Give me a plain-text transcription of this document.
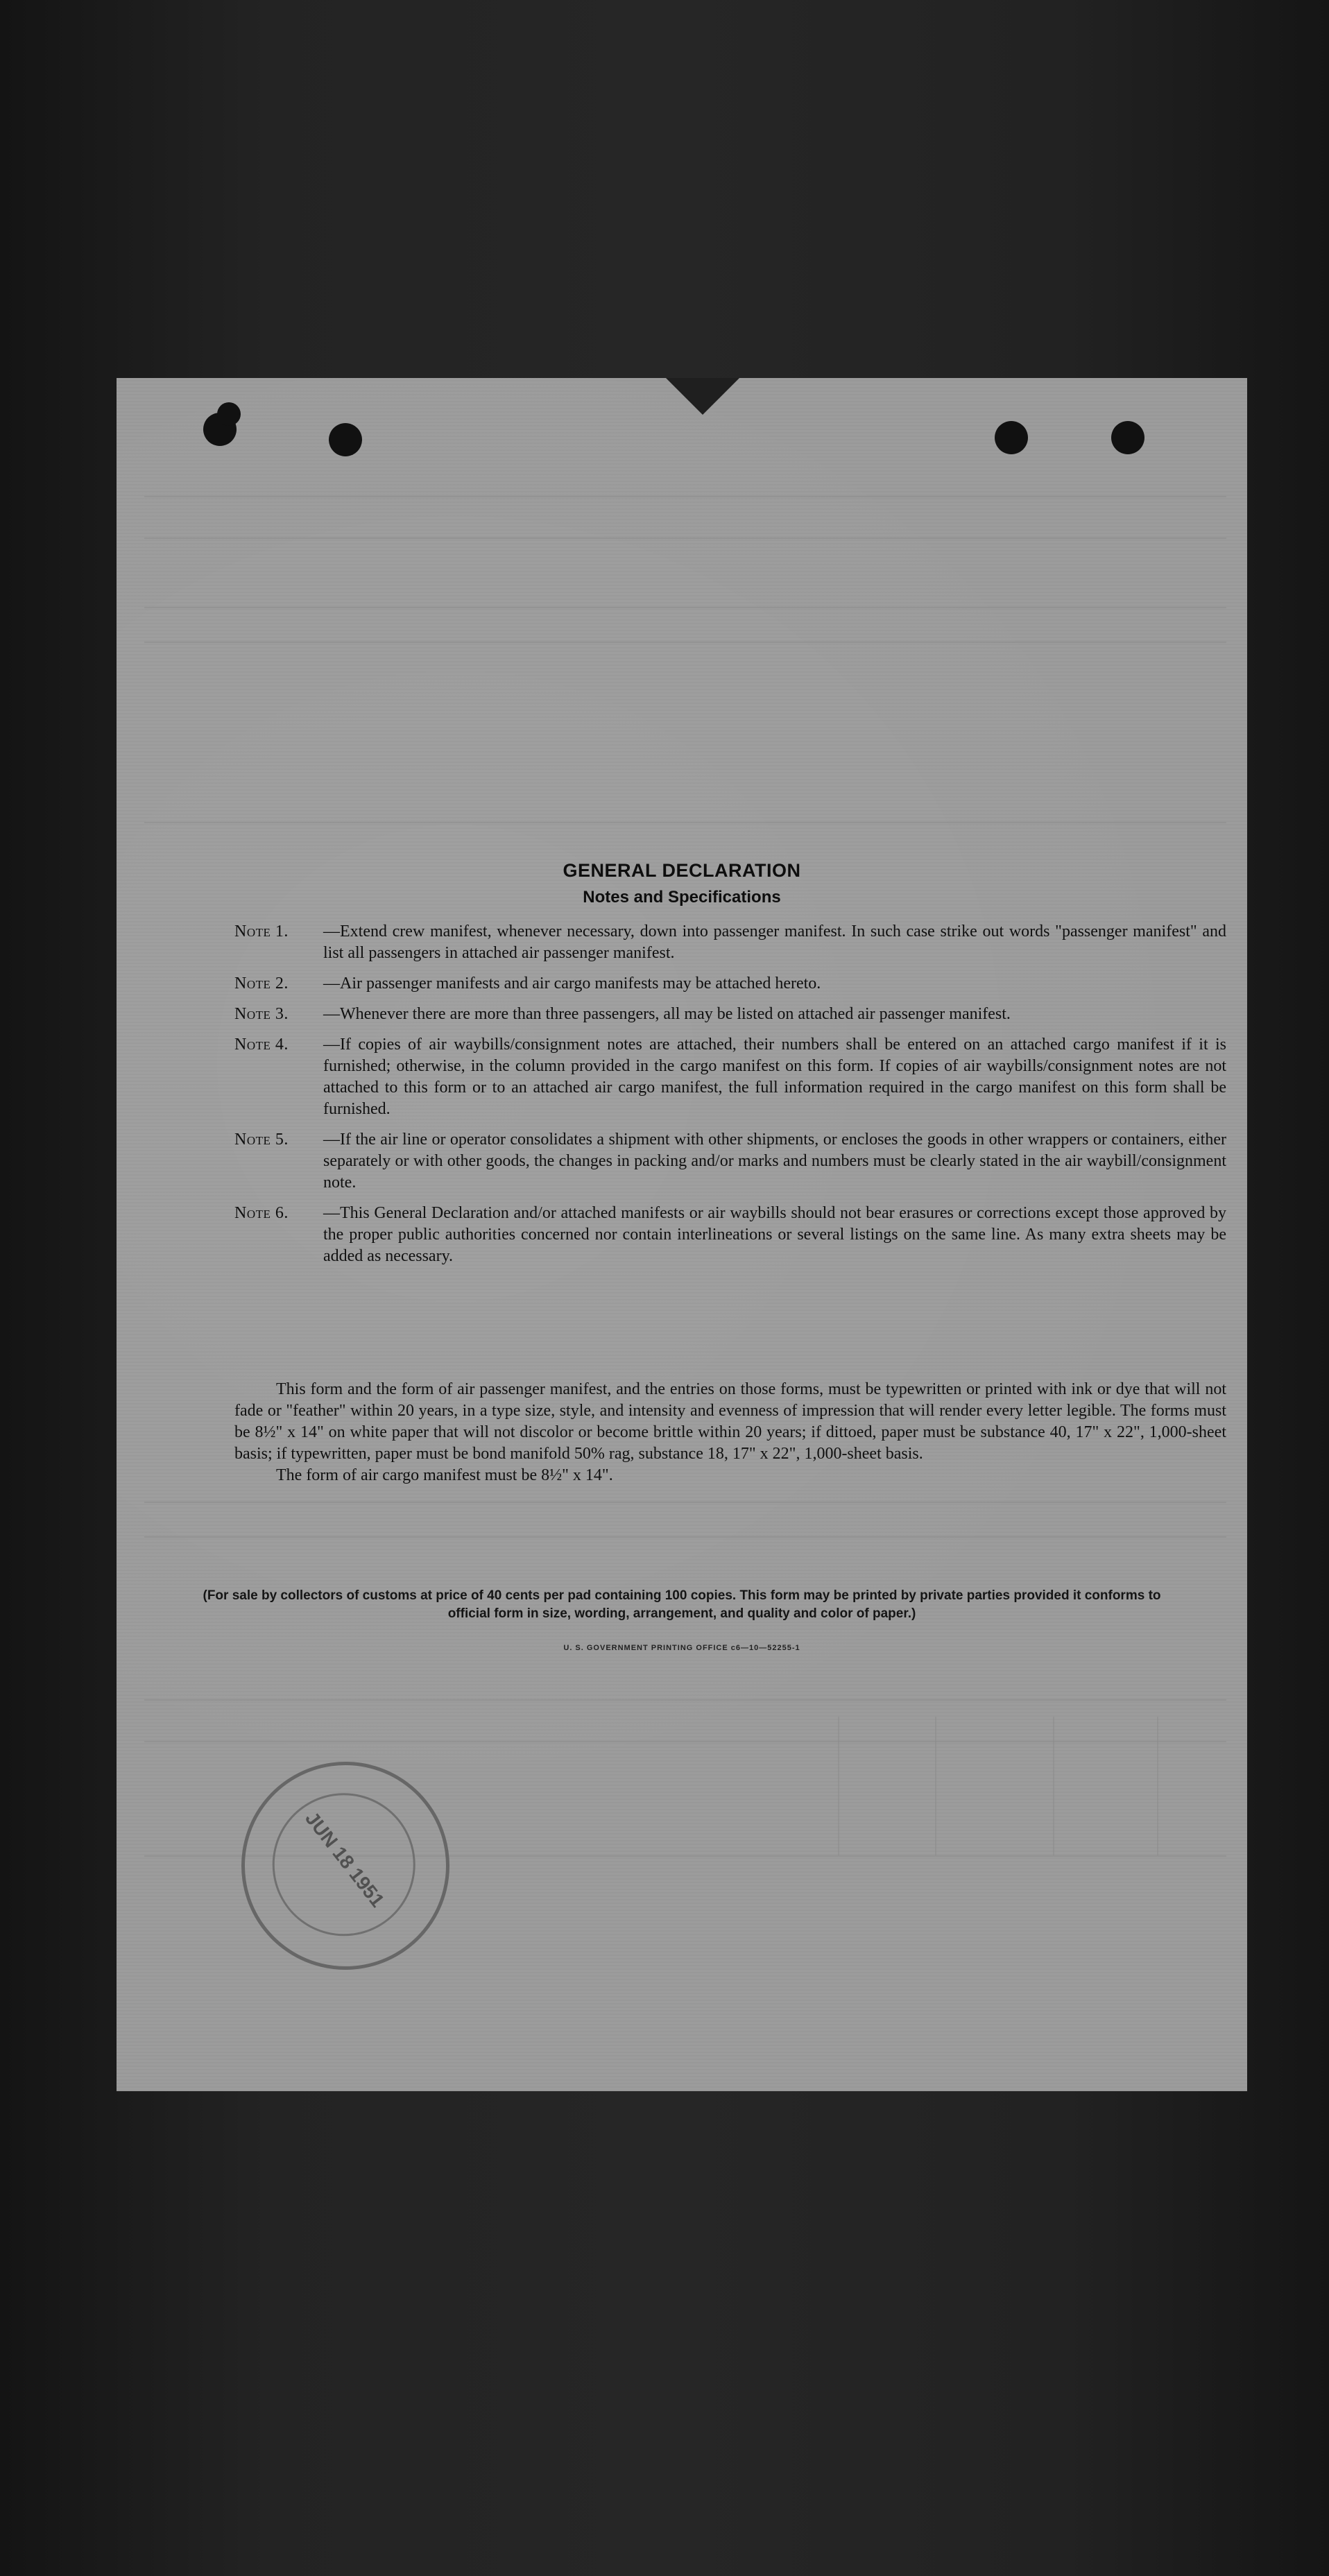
GENERAL DECLARATION
Notes and Specifications
Note 1.	—Extend crew manifest, whenever necessary, down into passenger manifest. In such case strike out words "passenger manifest" and list all passengers in attached air passenger manifest.
Note 2.	—Air passenger manifests and air cargo manifests may be attached hereto.
Note 3.	—Whenever there are more than three passengers, all may be listed on attached air passenger manifest.
Note 4.	—If copies of air waybills/consignment notes are attached, their numbers shall be entered on an attached cargo manifest if it is furnished; otherwise, in the column provided in the cargo manifest on this form. If copies of air waybills/consignment notes are not attached to this form or to an attached air cargo manifest, the full information required in the cargo manifest on this form shall be furnished.
Note 5.	—If the air line or operator consolidates a shipment with other shipments, or encloses the goods in other wrappers or containers, either separately or with other goods, the changes in packing and/or marks and numbers must be clearly stated in the air waybill/consignment note.
Note 6.	—This General Declaration and/or attached manifests or air waybills should not bear erasures or corrections except those approved by the proper public authorities concerned nor contain interlineations or several listings on the same line. As many extra sheets may be added as necessary.

This form and the form of air passenger manifest, and the entries on those forms, must be typewritten or printed with ink or dye that will not fade or "feather" within 20 years, in a type size, style, and intensity and evenness of impression that will render every letter legible. The forms must be 8½" x 14" on white paper that will not discolor or become brittle within 20 years; if dittoed, paper must be substance 40, 17" x 22", 1,000-sheet basis; if typewritten, paper must be bond manifold 50% rag, substance 18, 17" x 22", 1,000-sheet basis.

The form of air cargo manifest must be 8½" x 14".

(For sale by collectors of customs at price of 40 cents per pad containing 100 copies. This form may be printed by private parties provided it conforms to official form in size, wording, arrangement, and quality and color of paper.)
U. S. GOVERNMENT PRINTING OFFICE c6—10—52255-1
JUN 18 1951
